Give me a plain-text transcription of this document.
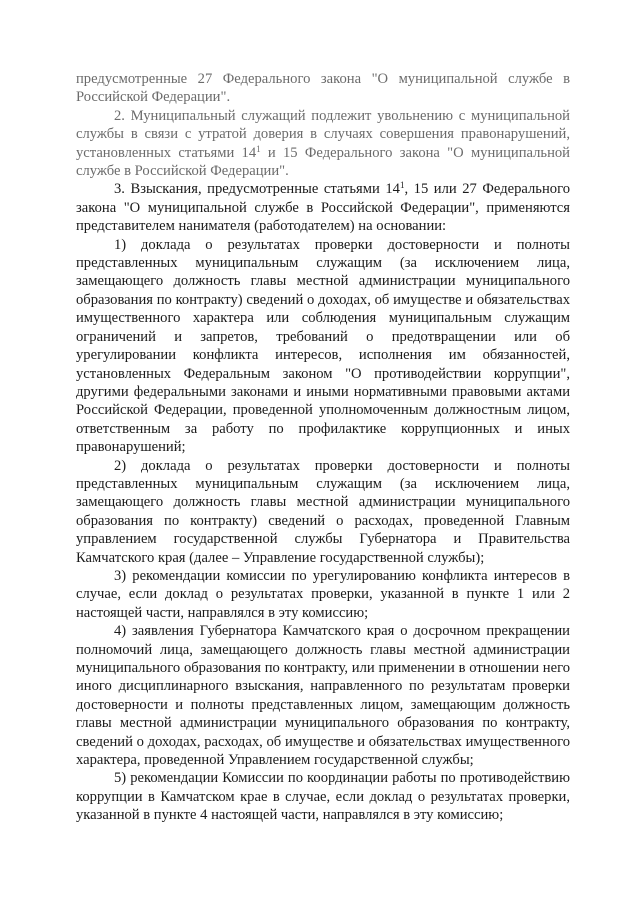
предусмотренные 27 Федерального закона "О муниципальной службе в Российской Федерации".

2. Муниципальный служащий подлежит увольнению с муниципальной службы в связи с утратой доверия в случаях совершения правонарушений, установленных статьями $14^1$ и 15 Федерального закона "О муниципальной службе в Российской Федерации".

3. Взыскания, предусмотренные статьями $14^1$, 15 или 27 Федерального закона "О муниципальной службе в Российской Федерации", применяются представителем нанимателя (работодателем) на основании:

1) доклада о результатах проверки достоверности и полноты представленных муниципальным служащим (за исключением лица, замещающего должность главы местной администрации муниципального образования по контракту) сведений о доходах, об имуществе и обязательствах имущественного характера или соблюдения муниципальным служащим ограничений и запретов, требований о предотвращении или об урегулировании конфликта интересов, исполнения им обязанностей, установленных Федеральным законом "О противодействии коррупции", другими федеральными законами и иными нормативными правовыми актами Российской Федерации, проведенной уполномоченным должностным лицом, ответственным за работу по профилактике коррупционных и иных правонарушений;

2) доклада о результатах проверки достоверности и полноты представленных муниципальным служащим (за исключением лица, замещающего должность главы местной администрации муниципального образования по контракту) сведений о расходах, проведенной Главным управлением государственной службы Губернатора и Правительства Камчатского края (далее – Управление государственной службы);

3) рекомендации комиссии по урегулированию конфликта интересов в случае, если доклад о результатах проверки, указанной в пункте 1 или 2 настоящей части, направлялся в эту комиссию;

4) заявления Губернатора Камчатского края о досрочном прекращении полномочий лица, замещающего должность главы местной администрации муниципального образования по контракту, или применении в отношении него иного дисциплинарного взыскания, направленного по результатам проверки достоверности и полноты представленных лицом, замещающим должность главы местной администрации муниципального образования по контракту, сведений о доходах, расходах, об имуществе и обязательствах имущественного характера, проведенной Управлением государственной службы;

5) рекомендации Комиссии по координации работы по противодействию коррупции в Камчатском крае в случае, если доклад о результатах проверки, указанной в пункте 4 настоящей части, направлялся в эту комиссию;
